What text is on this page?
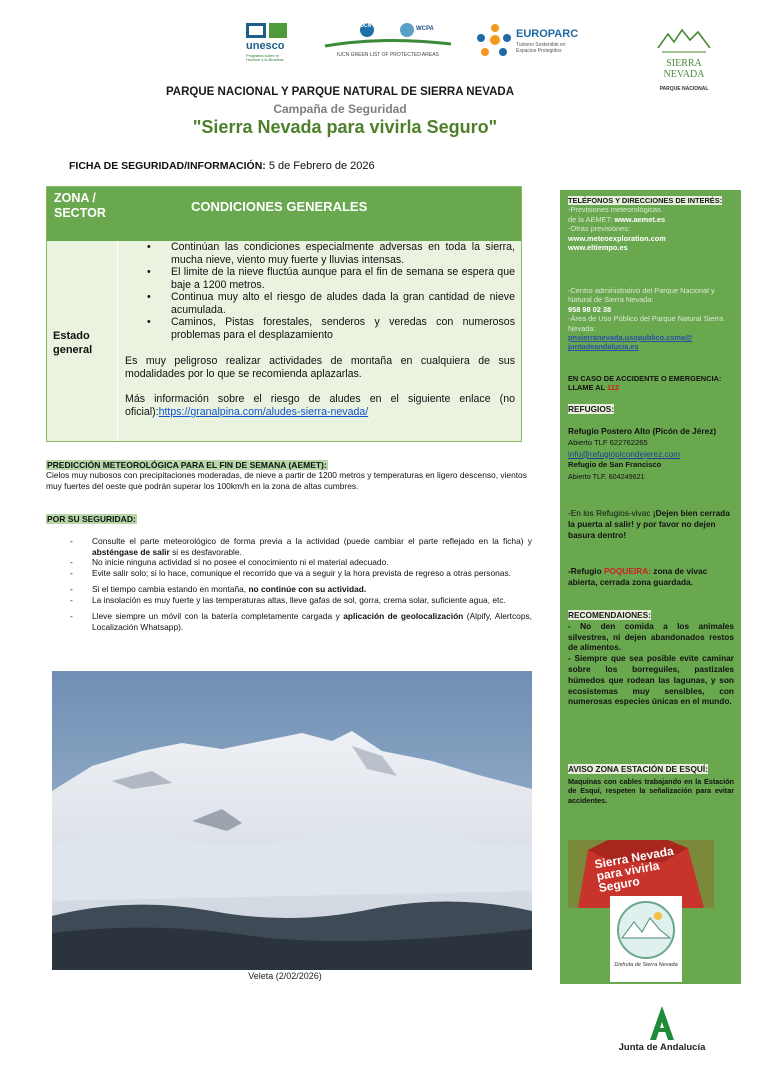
unesco
Programa sobre el Hombre y la Biosfera
IUCN	WCPA
IUCN GREEN LIST OF PROTECTED AREAS
EUROPARC
Turismo Sostenible en Espacios Protegidos
SIERRA
NEVADA
PARQUE NACIONAL
PARQUE NACIONAL Y PARQUE NATURAL DE SIERRA NEVADA
Campaña de Seguridad
"Sierra Nevada para vivirla Seguro"
FICHA DE SEGURIDAD/INFORMACIÓN: 5 de Febrero de 2026
ZONA /
SECTOR	CONDICIONES GENERALES
Estado
general
• Continúan las condiciones especialmente adversas en toda la sierra, mucha nieve, viento muy fuerte y lluvias intensas.
• El limite de la nieve fluctúa aunque para el fin de semana se espera que baje a 1200 metros.
• Continua muy alto el riesgo de aludes dada la gran cantidad de nieve acumulada.
• Caminos, Pistas forestales, senderos y veredas con numerosos problemas para el desplazamiento
Es muy peligroso realizar actividades de montaña en cualquiera de sus modalidades por lo que se recomienda aplazarlas.
Más información sobre el riesgo de aludes en el siguiente enlace (no oficial):https://granalpina.com/aludes-sierra-nevada/
PREDICCIÓN METEOROLÓGICA PARA EL FIN DE SEMANA (AEMET):
Cielos muy nubosos con precipitaciones moderadas, de nieve a partir de 1200 metros y temperaturas en ligero descenso, vientos muy fuertes del oeste que podrán superar los 100km/h en la zona de altas cumbres.
POR SU SEGURIDAD:
- Consulte el parte meteorológico de forma previa a la actividad (puede cambiar el parte reflejado en la ficha) y absténgase de salir si es desfavorable.
- No inicie ninguna actividad si no posee el conocimiento ni el material adecuado.
- Evite salir solo; si lo hace, comunique el recorrido que va a seguir y la hora prevista de regreso a otras personas.
- Si el tiempo cambia estando en montaña, no continúe con su actividad.
- La insolación es muy fuerte y las temperaturas altas, lleve gafas de sol, gorra, crema solar, suficiente agua, etc.
- Lleve siempre un móvil con la batería completamente cargada y aplicación de geolocalización (Alpify, Alertcops, Localización Whatsapp).
Veleta (2/02/2026)
TELÉFONOS Y DIRECCIONES DE INTERÉS:
-Previsiones meteorológicas
de la AEMET: www.aemet.es
-Otras previsiones:
www.meteoexploration.com
www.eltiempo.es
-Centro administrativo del Parque Nacional y Natural de Sierra Nevada:
958 98 02 38
-Área de Uso Público del Parque Natural Sierra Nevada:
pnsierranevada.usopublico.csma@ juntadeandalucia.es
EN CASO DE ACCIDENTE O EMERGENCIA: LLAME AL 112
REFUGIOS:
Refugio Postero Alto (Picón de Jérez)
Abierto TLF 622762265
info@refugiopicondejerez.com
Refugio de San Francisco
Abierto TLF. 604249621
-En los Refugios-vivac ¡Dejen bien cerrada la puerta al salir! y por favor no dejen basura dentro!
-Refugio POQUEIRA: zona de vivac abierta, cerrada zona guardada.
RECOMENDAIONES:

- No den comida a los animales silvestres, ni dejen abandonados restos de alimentos.
- Siempre que sea posible evite caminar sobre los borreguiles, pastizales húmedos que rodean las lagunas, y son ecosistemas muy sensibles, con numerosas especies únicas en el mundo.
AVISO ZONA ESTACIÓN DE ESQUÍ:

Maquinas con cables trabajando en la Estación de Esquí, respeten la señalización para evitar accidentes.
Sierra Nevada para vivirla Seguro
Disfruta de Sierra Nevada
Junta de Andalucía
